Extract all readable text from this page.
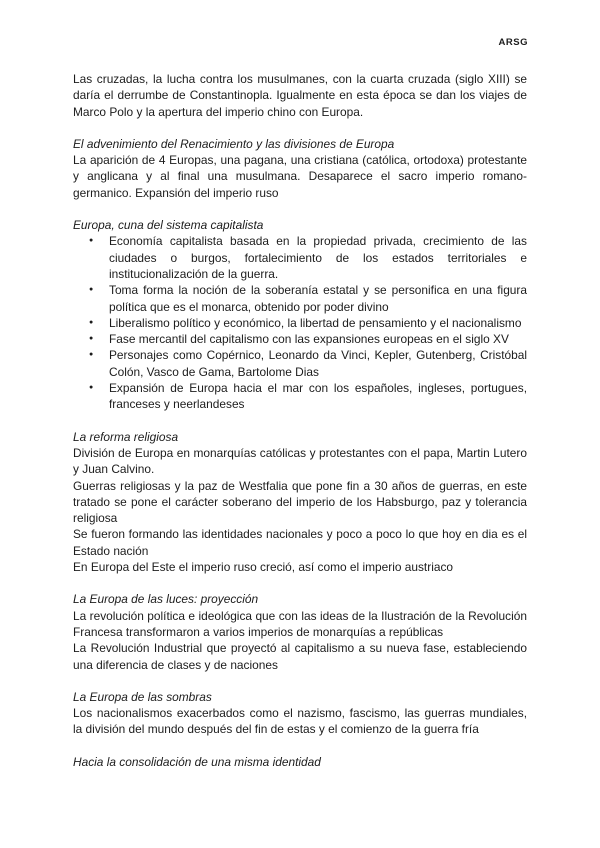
ARSG

Las cruzadas, la lucha contra los musulmanes, con la cuarta cruzada (siglo XIII) se daría el derrumbe de Constantinopla. Igualmente en esta época se dan los viajes de Marco Polo y la apertura del imperio chino con Europa.

El advenimiento del Renacimiento y las divisiones de Europa

La aparición de 4 Europas, una pagana, una cristiana (católica, ortodoxa) protestante y anglicana y al final una musulmana. Desaparece el sacro imperio romano-germanico. Expansión del imperio ruso

Europa, cuna del sistema capitalista

● Economía capitalista basada en la propiedad privada, crecimiento de las ciudades o burgos, fortalecimiento de los estados territoriales e institucionalización de la guerra.
● Toma forma la noción de la soberanía estatal y se personifica en una figura política que es el monarca, obtenido por poder divino
● Liberalismo político y económico, la libertad de pensamiento y el nacionalismo
● Fase mercantil del capitalismo con las expansiones europeas en el siglo XV
● Personajes como Copérnico, Leonardo da Vinci, Kepler, Gutenberg, Cristóbal Colón, Vasco de Gama, Bartolome Dias
● Expansión de Europa hacia el mar con los españoles, ingleses, portugues, franceses y neerlandeses

La reforma religiosa

División de Europa en monarquías católicas y protestantes con el papa, Martin Lutero y Juan Calvino.

Guerras religiosas y la paz de Westfalia que pone fin a 30 años de guerras, en este tratado se pone el carácter soberano del imperio de los Habsburgo, paz y tolerancia religiosa

Se fueron formando las identidades nacionales y poco a poco lo que hoy en dia es el Estado nación

En Europa del Este el imperio ruso creció, así como el imperio austriaco

La Europa de las luces: proyección

La revolución política e ideológica que con las ideas de la Ilustración de la Revolución Francesa transformaron a varios imperios de monarquías a repúblicas

La Revolución Industrial que proyectó al capitalismo a su nueva fase, estableciendo una diferencia de clases y de naciones

La Europa de las sombras

Los nacionalismos exacerbados como el nazismo, fascismo, las guerras mundiales, la división del mundo después del fin de estas y el comienzo de la guerra fría

Hacia la consolidación de una misma identidad
